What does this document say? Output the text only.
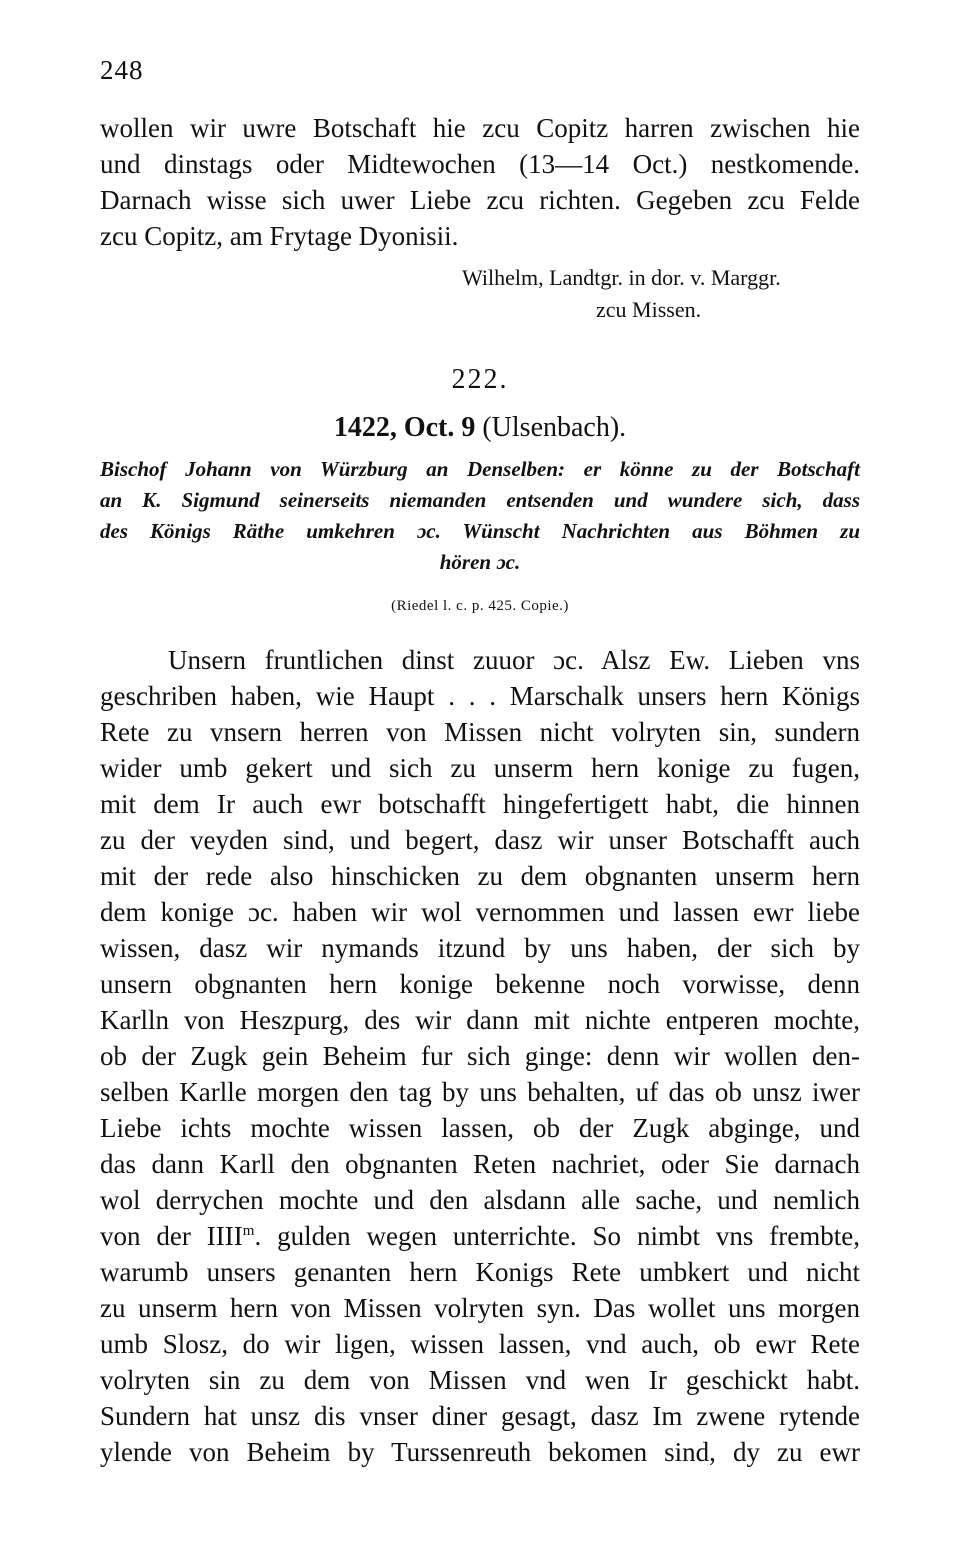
248
wollen wir uwre Botschaft hie zcu Copitz harren zwischen hie
und dinstags oder Midtewochen (13—14 Oct.) nestkomende.
Darnach wisse sich uwer Liebe zcu richten. Gegeben zcu Felde
zcu Copitz, am Frytage Dyonisii.
Wilhelm, Landtgr. in dor. v. Marggr.
zcu Missen.
222.
1422, Oct. 9 (Ulsenbach).
Bischof Johann von Würzburg an Denselben: er könne zu der Botschaft
an K. Sigmund seinerseits niemanden entsenden und wundere sich, dass
des Königs Räthe umkehren ɔc. Wünscht Nachrichten aus Böhmen zu
hören ɔc.
(Riedel l. c. p. 425. Copie.)
Unsern fruntlichen dinst zuuor ɔc. Alsz Ew. Lieben vns
geschriben haben, wie Haupt . . . Marschalk unsers hern Königs
Rete zu vnsern herren von Missen nicht volryten sin, sundern
wider umb gekert und sich zu unserm hern konige zu fugen,
mit dem Ir auch ewr botschafft hingefertigett habt, die hinnen
zu der veyden sind, und begert, dasz wir unser Botschafft auch
mit der rede also hinschicken zu dem obgnanten unserm hern
dem konige ɔc. haben wir wol vernommen und lassen ewr liebe
wissen, dasz wir nymands itzund by uns haben, der sich by
unsern obgnanten hern konige bekenne noch vorwisse, denn
Karlln von Heszpurg, des wir dann mit nichte entperen mochte,
ob der Zugk gein Beheim fur sich ginge: denn wir wollen den-
selben Karlle morgen den tag by uns behalten, uf das ob unsz iwer
Liebe ichts mochte wissen lassen, ob der Zugk abginge, und
das dann Karll den obgnanten Reten nachriet, oder Sie darnach
wol derrychen mochte und den alsdann alle sache, und nemlich
von der IIII$^m$. gulden wegen unterrichte. So nimbt vns frembte,
warumb unsers genanten hern Konigs Rete umbkert und nicht
zu unserm hern von Missen volryten syn. Das wollet uns morgen
umb Slosz, do wir ligen, wissen lassen, vnd auch, ob ewr Rete
volryten sin zu dem von Missen vnd wen Ir geschickt habt.
Sundern hat unsz dis vnser diner gesagt, dasz Im zwene rytende
ylende von Beheim by Turssenreuth bekomen sind, dy zu ewr
